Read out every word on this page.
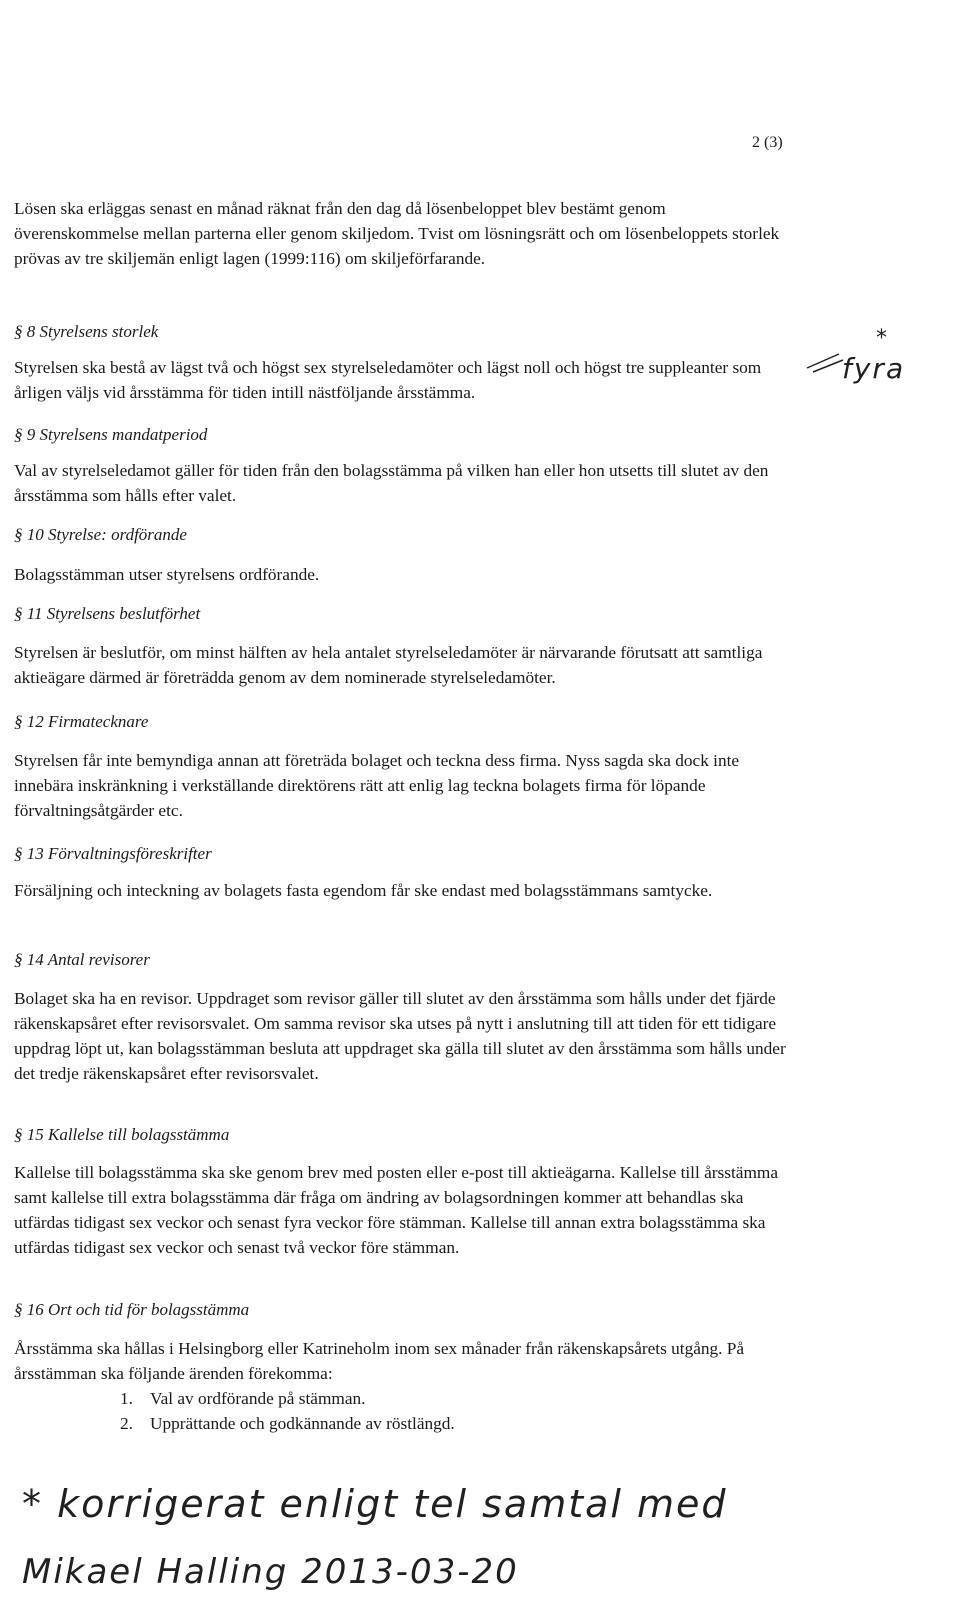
2 (3)
Lösen ska erläggas senast en månad räknat från den dag då lösenbeloppet blev bestämt genom överenskommelse mellan parterna eller genom skiljedom. Tvist om lösningsrätt och om lösenbeloppets storlek prövas av tre skiljemän enligt lagen (1999:116) om skiljeförfarande.
§ 8 Styrelsens storlek
Styrelsen ska bestå av lägst två och högst sex styrelseledamöter och lägst noll och högst tre suppleanter som årligen väljs vid årsstämma för tiden intill nästföljande årsstämma.
§ 9 Styrelsens mandatperiod
Val av styrelseledamot gäller för tiden från den bolagsstämma på vilken han eller hon utsetts till slutet av den årsstämma som hålls efter valet.
§ 10 Styrelse: ordförande
Bolagsstämman utser styrelsens ordförande.
§ 11 Styrelsens beslutförhet
Styrelsen är beslutför, om minst hälften av hela antalet styrelseledamöter är närvarande förutsatt att samtliga aktieägare därmed är företrädda genom av dem nominerade styrelseledamöter.
§ 12 Firmatecknare
Styrelsen får inte bemyndiga annan att företräda bolaget och teckna dess firma. Nyss sagda ska dock inte innebära inskränkning i verkställande direktörens rätt att enlig lag teckna bolagets firma för löpande förvaltningsåtgärder etc.
§ 13 Förvaltningsföreskrifter
Försäljning och inteckning av bolagets fasta egendom får ske endast med bolagsstämmans samtycke.
§ 14 Antal revisorer
Bolaget ska ha en revisor. Uppdraget som revisor gäller till slutet av den årsstämma som hålls under det fjärde räkenskapsåret efter revisorsvalet. Om samma revisor ska utses på nytt i anslutning till att tiden för ett tidigare uppdrag löpt ut, kan bolagsstämman besluta att uppdraget ska gälla till slutet av den årsstämma som hålls under det tredje räkenskapsåret efter revisorsvalet.
§ 15 Kallelse till bolagsstämma
Kallelse till bolagsstämma ska ske genom brev med posten eller e-post till aktieägarna. Kallelse till årsstämma samt kallelse till extra bolagsstämma där fråga om ändring av bolagsordningen kommer att behandlas ska utfärdas tidigast sex veckor och senast fyra veckor före stämman. Kallelse till annan extra bolagsstämma ska utfärdas tidigast sex veckor och senast två veckor före stämman.
§ 16 Ort och tid för bolagsstämma
Årsstämma ska hållas i Helsingborg eller Katrineholm inom sex månader från räkenskapsårets utgång. På årsstämman ska följande ärenden förekomma:
1. Val av ordförande på stämman.
2. Upprättande och godkännande av röstlängd.
*
fyra
* korrigerat enligt tel samtal med
Mikael Halling 2013-03-20
